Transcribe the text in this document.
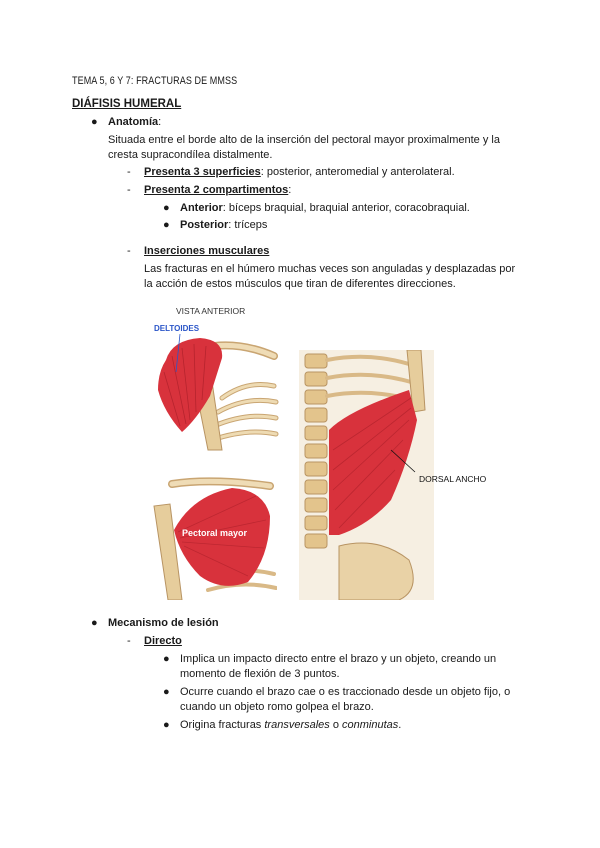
TEMA 5, 6 Y 7: FRACTURAS DE MMSS
DIÁFISIS HUMERAL
● Anatomía:
Situada entre el borde alto de la inserción del pectoral mayor proximalmente y la
cresta supracondílea distalmente.
- Presenta 3 superficies: posterior, anteromedial y anterolateral.
- Presenta 2 compartimentos:
● Anterior: bíceps braquial, braquial anterior, coracobraquial.
● Posterior: tríceps
- Inserciones musculares
Las fracturas en el húmero muchas veces son anguladas y desplazadas por
la acción de estos músculos que tiran de diferentes direcciones.
VISTA ANTERIOR
DELTOIDES
DORSAL ANCHO
Pectoral mayor
● Mecanismo de lesión
- Directo
● Implica un impacto directo entre el brazo y un objeto, creando un
momento de flexión de 3 puntos.
● Ocurre cuando el brazo cae o es traccionado desde un objeto fijo, o
cuando un objeto romo golpea el brazo.
● Origina fracturas transversales o conminutas.
